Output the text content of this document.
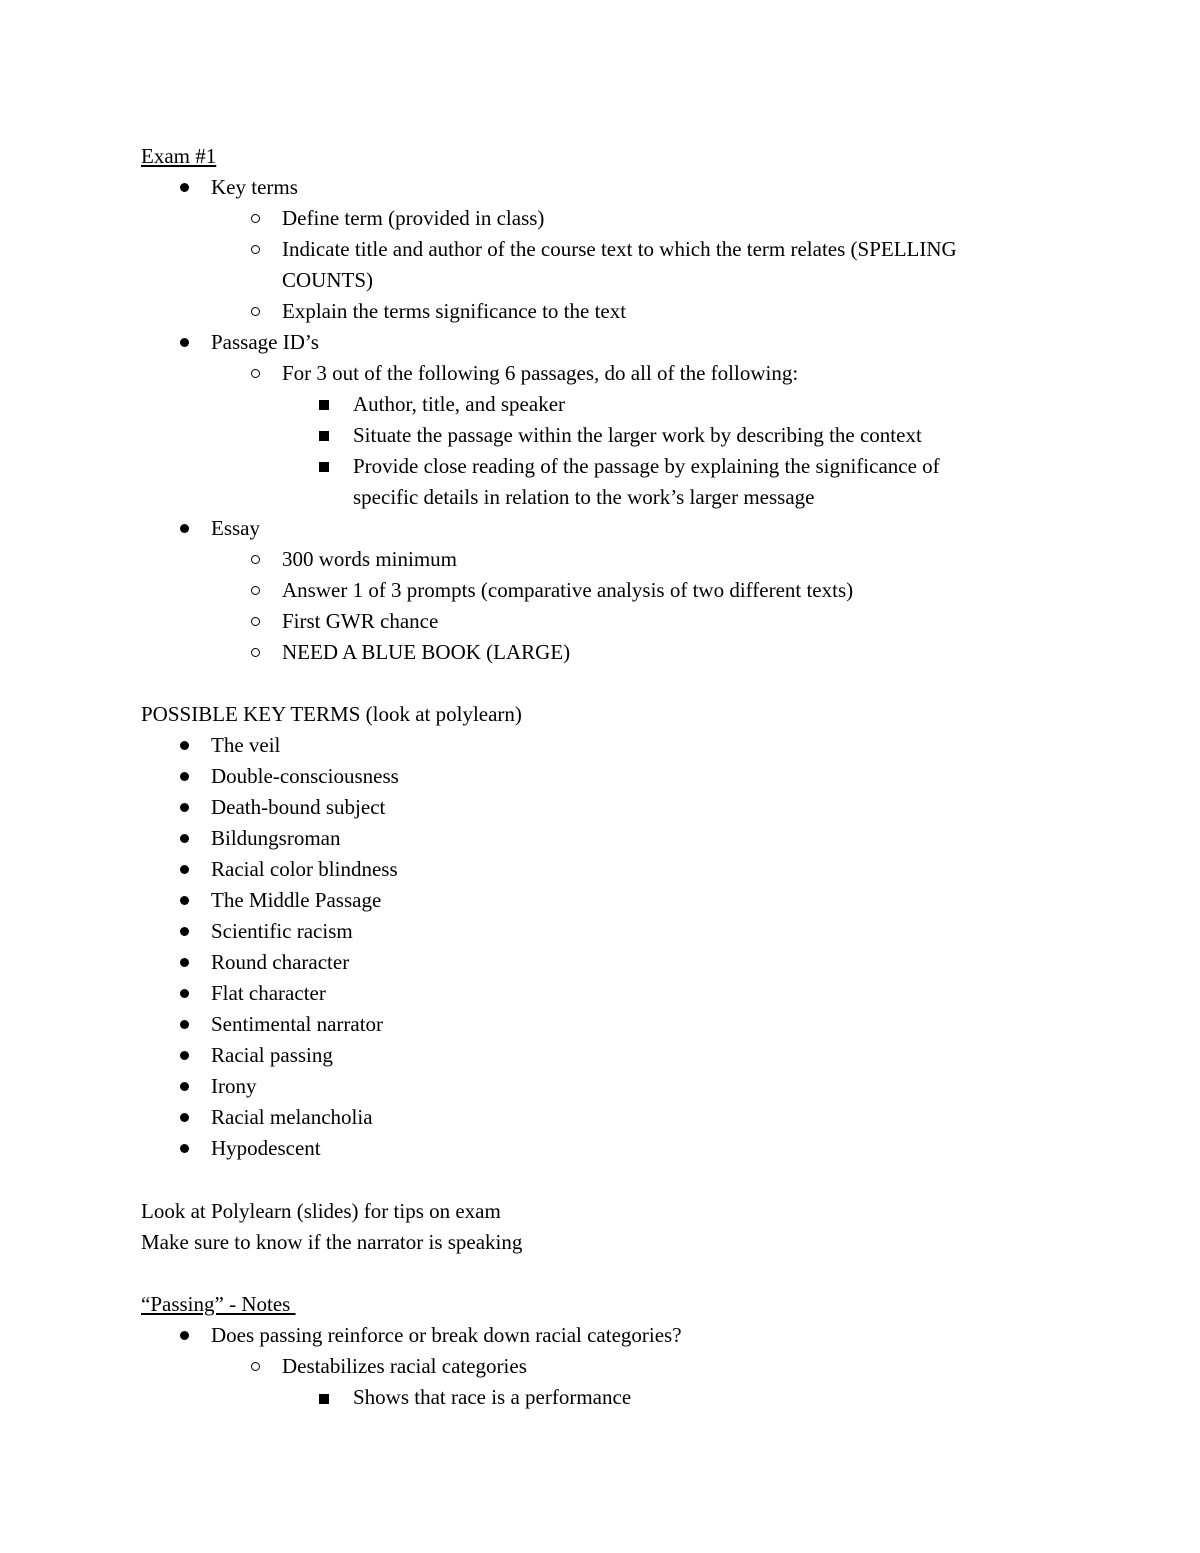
Exam #1
Key terms
Define term (provided in class)
Indicate title and author of the course text to which the term relates (SPELLING
COUNTS)
Explain the terms significance to the text
Passage ID’s
For 3 out of the following 6 passages, do all of the following:
Author, title, and speaker
Situate the passage within the larger work by describing the context
Provide close reading of the passage by explaining the significance of
specific details in relation to the work’s larger message
Essay
300 words minimum
Answer 1 of 3 prompts (comparative analysis of two different texts)
First GWR chance
NEED A BLUE BOOK (LARGE)
POSSIBLE KEY TERMS (look at polylearn)
The veil
Double-consciousness
Death-bound subject
Bildungsroman
Racial color blindness
The Middle Passage
Scientific racism
Round character
Flat character
Sentimental narrator
Racial passing
Irony
Racial melancholia
Hypodescent
Look at Polylearn (slides) for tips on exam
Make sure to know if the narrator is speaking
“Passing” - Notes
Does passing reinforce or break down racial categories?
Destabilizes racial categories
Shows that race is a performance
